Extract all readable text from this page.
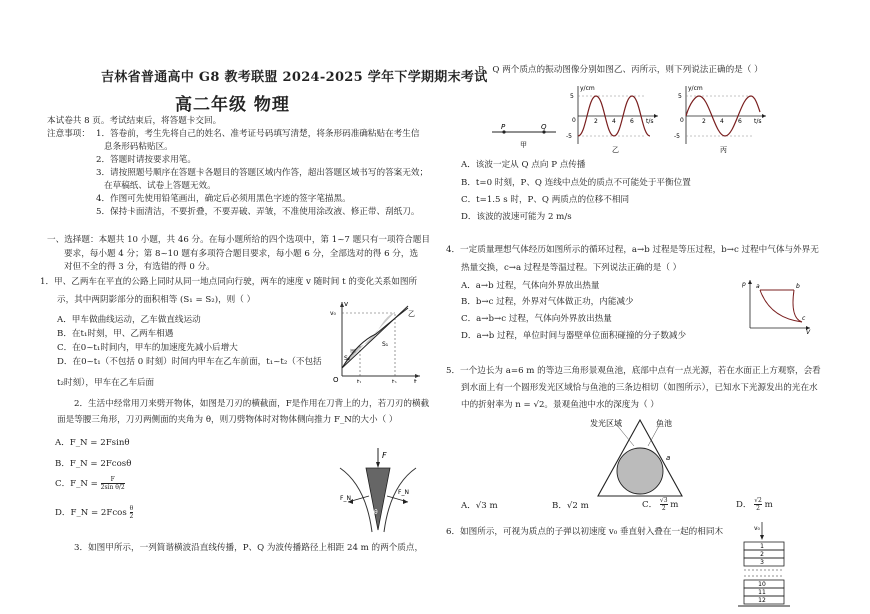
吉林省普通高中 G8 教考联盟 2024-2025 学年下学期期末考试
高二年级 物理
本试卷共 8 页。考试结束后，将答题卡交回。
注意事项： 1．答卷前，考生先将自己的姓名、准考证号码填写清楚，将条形码准确粘贴在考生信
息条形码粘贴区。
2．答题时请按要求用笔。
3．请按照题号顺序在答题卡各题目的答题区域内作答，超出答题区域书写的答案无效；
在草稿纸、试卷上答题无效。
4．作图可先使用铅笔画出，确定后必须用黑色字迹的签字笔描黑。
5．保持卡面清洁，不要折叠，不要弄破、弄皱，不准使用涂改液、修正带、刮纸刀。
一、选择题：本题共 10 小题，共 46 分。在每小题所给的四个选项中，第 1~7 题只有一项符合题目
要求，每小题 4 分；第 8~10 题有多项符合题目要求，每小题 6 分，全部选对的得 6 分，选
对但不全的得 3 分，有选错的得 0 分。
1．甲、乙两车在平直的公路上同时从同一地点同向行驶，两车的速度 v 随时间 t 的变化关系如图所
示，其中两阴影部分的面积相等 (S₁ = S₂)，则（ ）
A．甲车做曲线运动，乙车做直线运动
B．在t₁时刻，甲、乙两车相遇
C．在0~t₁时间内，甲车的加速度先减小后增大
D．在0~t₁（不包括 0 时刻）时间内甲车在乙车前面，t₁~t₂（不包括
t₂时刻），甲车在乙车后面
v
O	t
t₁	t₂
v₀	乙
S₁
S₂
甲
2．生活中经常用刀来劈开物体，如图是刀刃的横截面，F是作用在刀背上的力，若刀刃的横截
面是等腰三角形，刀刃两侧面的夹角为 θ，则刀劈物体时对物体侧向推力 F_N的大小（ ）
A．F_N = 2Fsinθ
B．F_N = 2Fcosθ
C．F_N = $\frac{F}{\text{2sin θ/2}}$
D．F_N = $2Fcos \frac{\theta}{2}$
F
F_N
F_N
θ
3．如图甲所示，一列简谐横波沿直线传播，P、Q 为波传播路径上相距 24 m 的两个质点，
P、Q 两个质点的振动图像分别如图乙、丙所示，则下列说法正确的是（ ）
P	Q
甲
y/cm
5
-5
0	2 4 6 t/s
乙
y/cm
5
-5
0	2 4 6 t/s
丙
A．该波一定从 Q 点向 P 点传播
B．t=0 时刻，P、Q 连线中点处的质点不可能处于平衡位置
C．t=1.5 s 时，P、Q 两质点的位移不相同
D．该波的波速可能为 2 m/s
4．一定质量理想气体经历如图所示的循环过程，a→b 过程是等压过程，b→c 过程中气体与外界无
热量交换，c→a 过程是等温过程。下列说法正确的是（ ）
A．a→b 过程，气体向外界放出热量
B．b→c 过程，外界对气体做正功，内能减少
C．a→b→c 过程，气体向外界放出热量
D．a→b 过程，单位时间与器壁单位面积碰撞的分子数减少
p
V
a	b
c
5．一个边长为 a=6 m 的等边三角形景观鱼池，底部中点有一点光源，若在水面正上方观察，会看
到水面上有一个圆形发光区域恰与鱼池的三条边相切（如图所示），已知水下光源发出的光在水
中的折射率为 n = √2。景观鱼池中水的深度为（ ）
发光区域	鱼池
a
A．√3 m	B．√2 m	C． $\frac{√3}{2}$ m	D． $\frac{√2}{2}$ m
6．如图所示，可视为质点的子弹以初速度 v₀ 垂直射入叠在一起的相同木	v₀
1
2
3
10
11
12
